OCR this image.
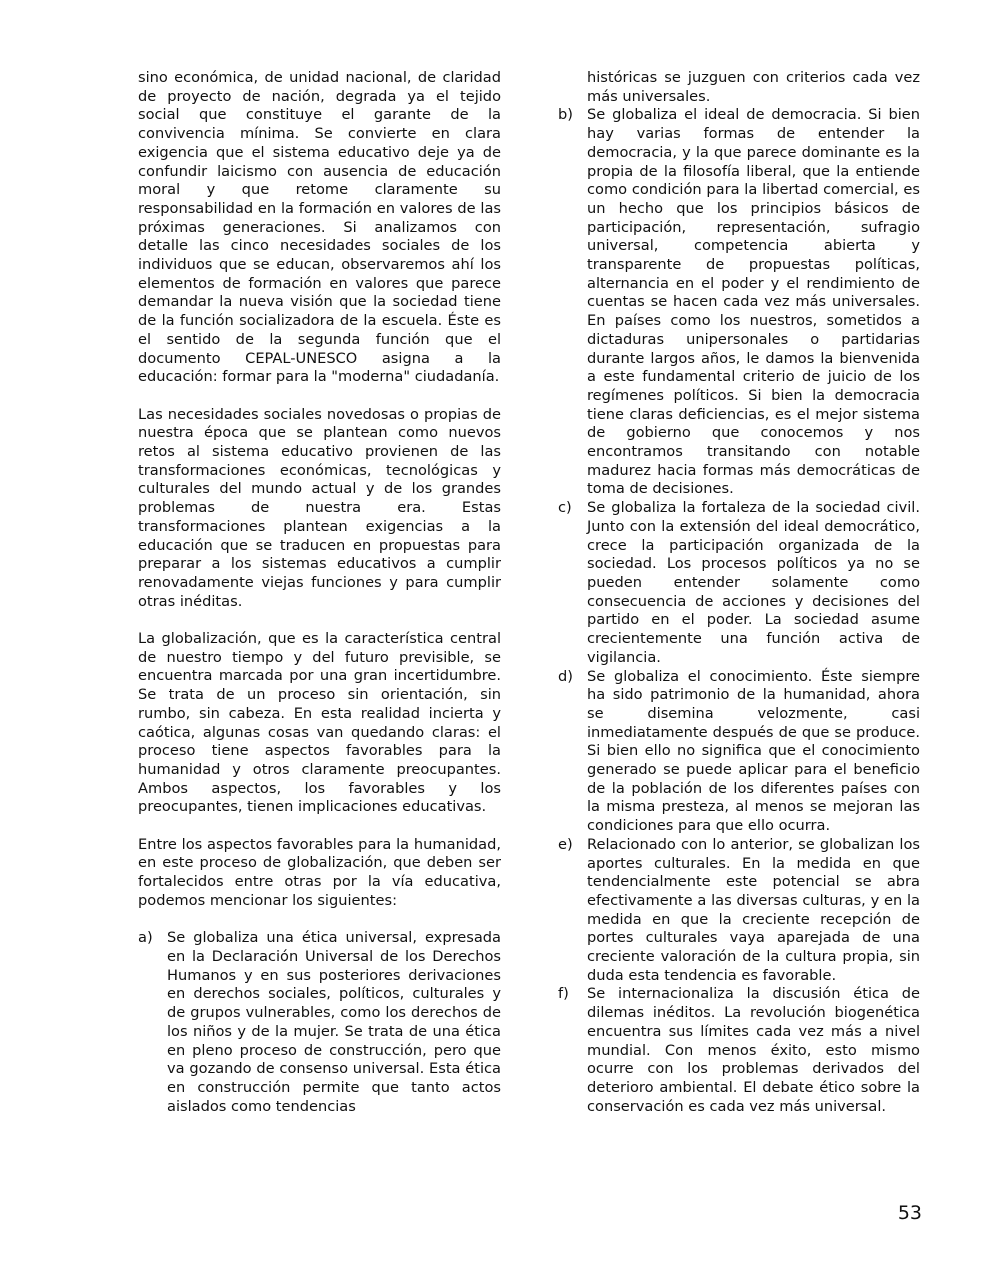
sino económica, de unidad nacional, de claridad de proyecto de nación, degrada ya el tejido social que constituye el garante de la convivencia mínima. Se convierte en clara exigencia que el sistema educativo deje ya de confundir laicismo con ausencia de educación moral y que retome claramente su responsabilidad en la formación en valores de las próximas generaciones. Si analizamos con detalle las cinco necesidades sociales de los individuos que se educan, observaremos ahí los elementos de formación en valores que parece demandar la nueva visión que la sociedad tiene de la función socializadora de la escuela. Éste es el sentido de la segunda función que el documento CEPAL-UNESCO asigna a la educación: formar para la "moderna" ciudadanía.

Las necesidades sociales novedosas o propias de nuestra época que se plantean como nuevos retos al sistema educativo provienen de las transformaciones económicas, tecnológicas y culturales del mundo actual y de los grandes problemas de nuestra era. Estas transformaciones plantean exigencias a la educación que se traducen en propuestas para preparar a los sistemas educativos a cumplir renovadamente viejas funciones y para cumplir otras inéditas.

La globalización, que es la característica central de nuestro tiempo y del futuro previsible, se encuentra marcada por una gran incertidumbre. Se trata de un proceso sin orientación, sin rumbo, sin cabeza. En esta realidad incierta y caótica, algunas cosas van quedando claras: el proceso tiene aspectos favorables para la humanidad y otros claramente preocupantes. Ambos aspectos, los favorables y los preocupantes, tienen implicaciones educativas.

Entre los aspectos favorables para la humanidad, en este proceso de globalización, que deben ser fortalecidos entre otras por la vía educativa, podemos mencionar los siguientes:

a) Se globaliza una ética universal, expresada en la Declaración Universal de los Derechos Humanos y en sus posteriores derivaciones en derechos sociales, políticos, culturales y de grupos vulnerables, como los derechos de los niños y de la mujer. Se trata de una ética en pleno proceso de construcción, pero que va gozando de consenso universal. Esta ética en construcción permite que tanto actos aislados como tendencias

históricas se juzguen con criterios cada vez más universales.

b) Se globaliza el ideal de democracia. Si bien hay varias formas de entender la democracia, y la que parece dominante es la propia de la filosofía liberal, que la entiende como condición para la libertad comercial, es un hecho que los principios básicos de participación, representación, sufragio universal, competencia abierta y transparente de propuestas políticas, alternancia en el poder y el rendimiento de cuentas se hacen cada vez más universales. En países como los nuestros, sometidos a dictaduras unipersonales o partidarias durante largos años, le damos la bienvenida a este fundamental criterio de juicio de los regímenes políticos. Si bien la democracia tiene claras deficiencias, es el mejor sistema de gobierno que conocemos y nos encontramos transitando con notable madurez hacia formas más democráticas de toma de decisiones.
c) Se globaliza la fortaleza de la sociedad civil. Junto con la extensión del ideal democrático, crece la participación organizada de la sociedad. Los procesos políticos ya no se pueden entender solamente como consecuencia de acciones y decisiones del partido en el poder. La sociedad asume crecientemente una función activa de vigilancia.
d) Se globaliza el conocimiento. Éste siempre ha sido patrimonio de la humanidad, ahora se disemina velozmente, casi inmediatamente después de que se produce. Si bien ello no significa que el conocimiento generado se puede aplicar para el beneficio de la población de los diferentes países con la misma presteza, al menos se mejoran las condiciones para que ello ocurra.
e) Relacionado con lo anterior, se globalizan los aportes culturales. En la medida en que tendencialmente este potencial se abra efectivamente a las diversas culturas, y en la medida en que la creciente recepción de portes culturales vaya aparejada de una creciente valoración de la cultura propia, sin duda esta tendencia es favorable.
f) Se internacionaliza la discusión ética de dilemas inéditos. La revolución biogenética encuentra sus límites cada vez más a nivel mundial. Con menos éxito, esto mismo ocurre con los problemas derivados del deterioro ambiental. El debate ético sobre la conservación es cada vez más universal.
53
